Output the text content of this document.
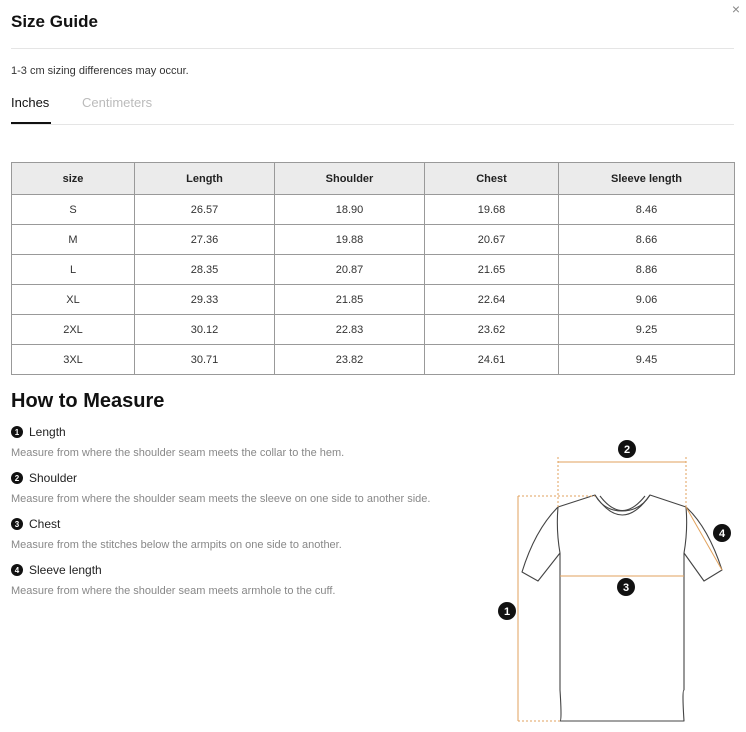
Size Guide
×
1-3 cm sizing differences may occur.
Inches	Centimeters
size	Length	Shoulder	Chest	Sleeve length
S	26.57	18.90	19.68	8.46
M	27.36	19.88	20.67	8.66
L	28.35	20.87	21.65	8.86
XL	29.33	21.85	22.64	9.06
2XL	30.12	22.83	23.62	9.25
3XL	30.71	23.82	24.61	9.45
How to Measure
1 Length
Measure from where the shoulder seam meets the collar to the hem.
2 Shoulder
Measure from where the shoulder seam meets the sleeve on one side to another side.
3 Chest
Measure from the stitches below the armpits on one side to another.
4 Sleeve length
Measure from where the shoulder seam meets armhole to the cuff.
1
2
3
4
